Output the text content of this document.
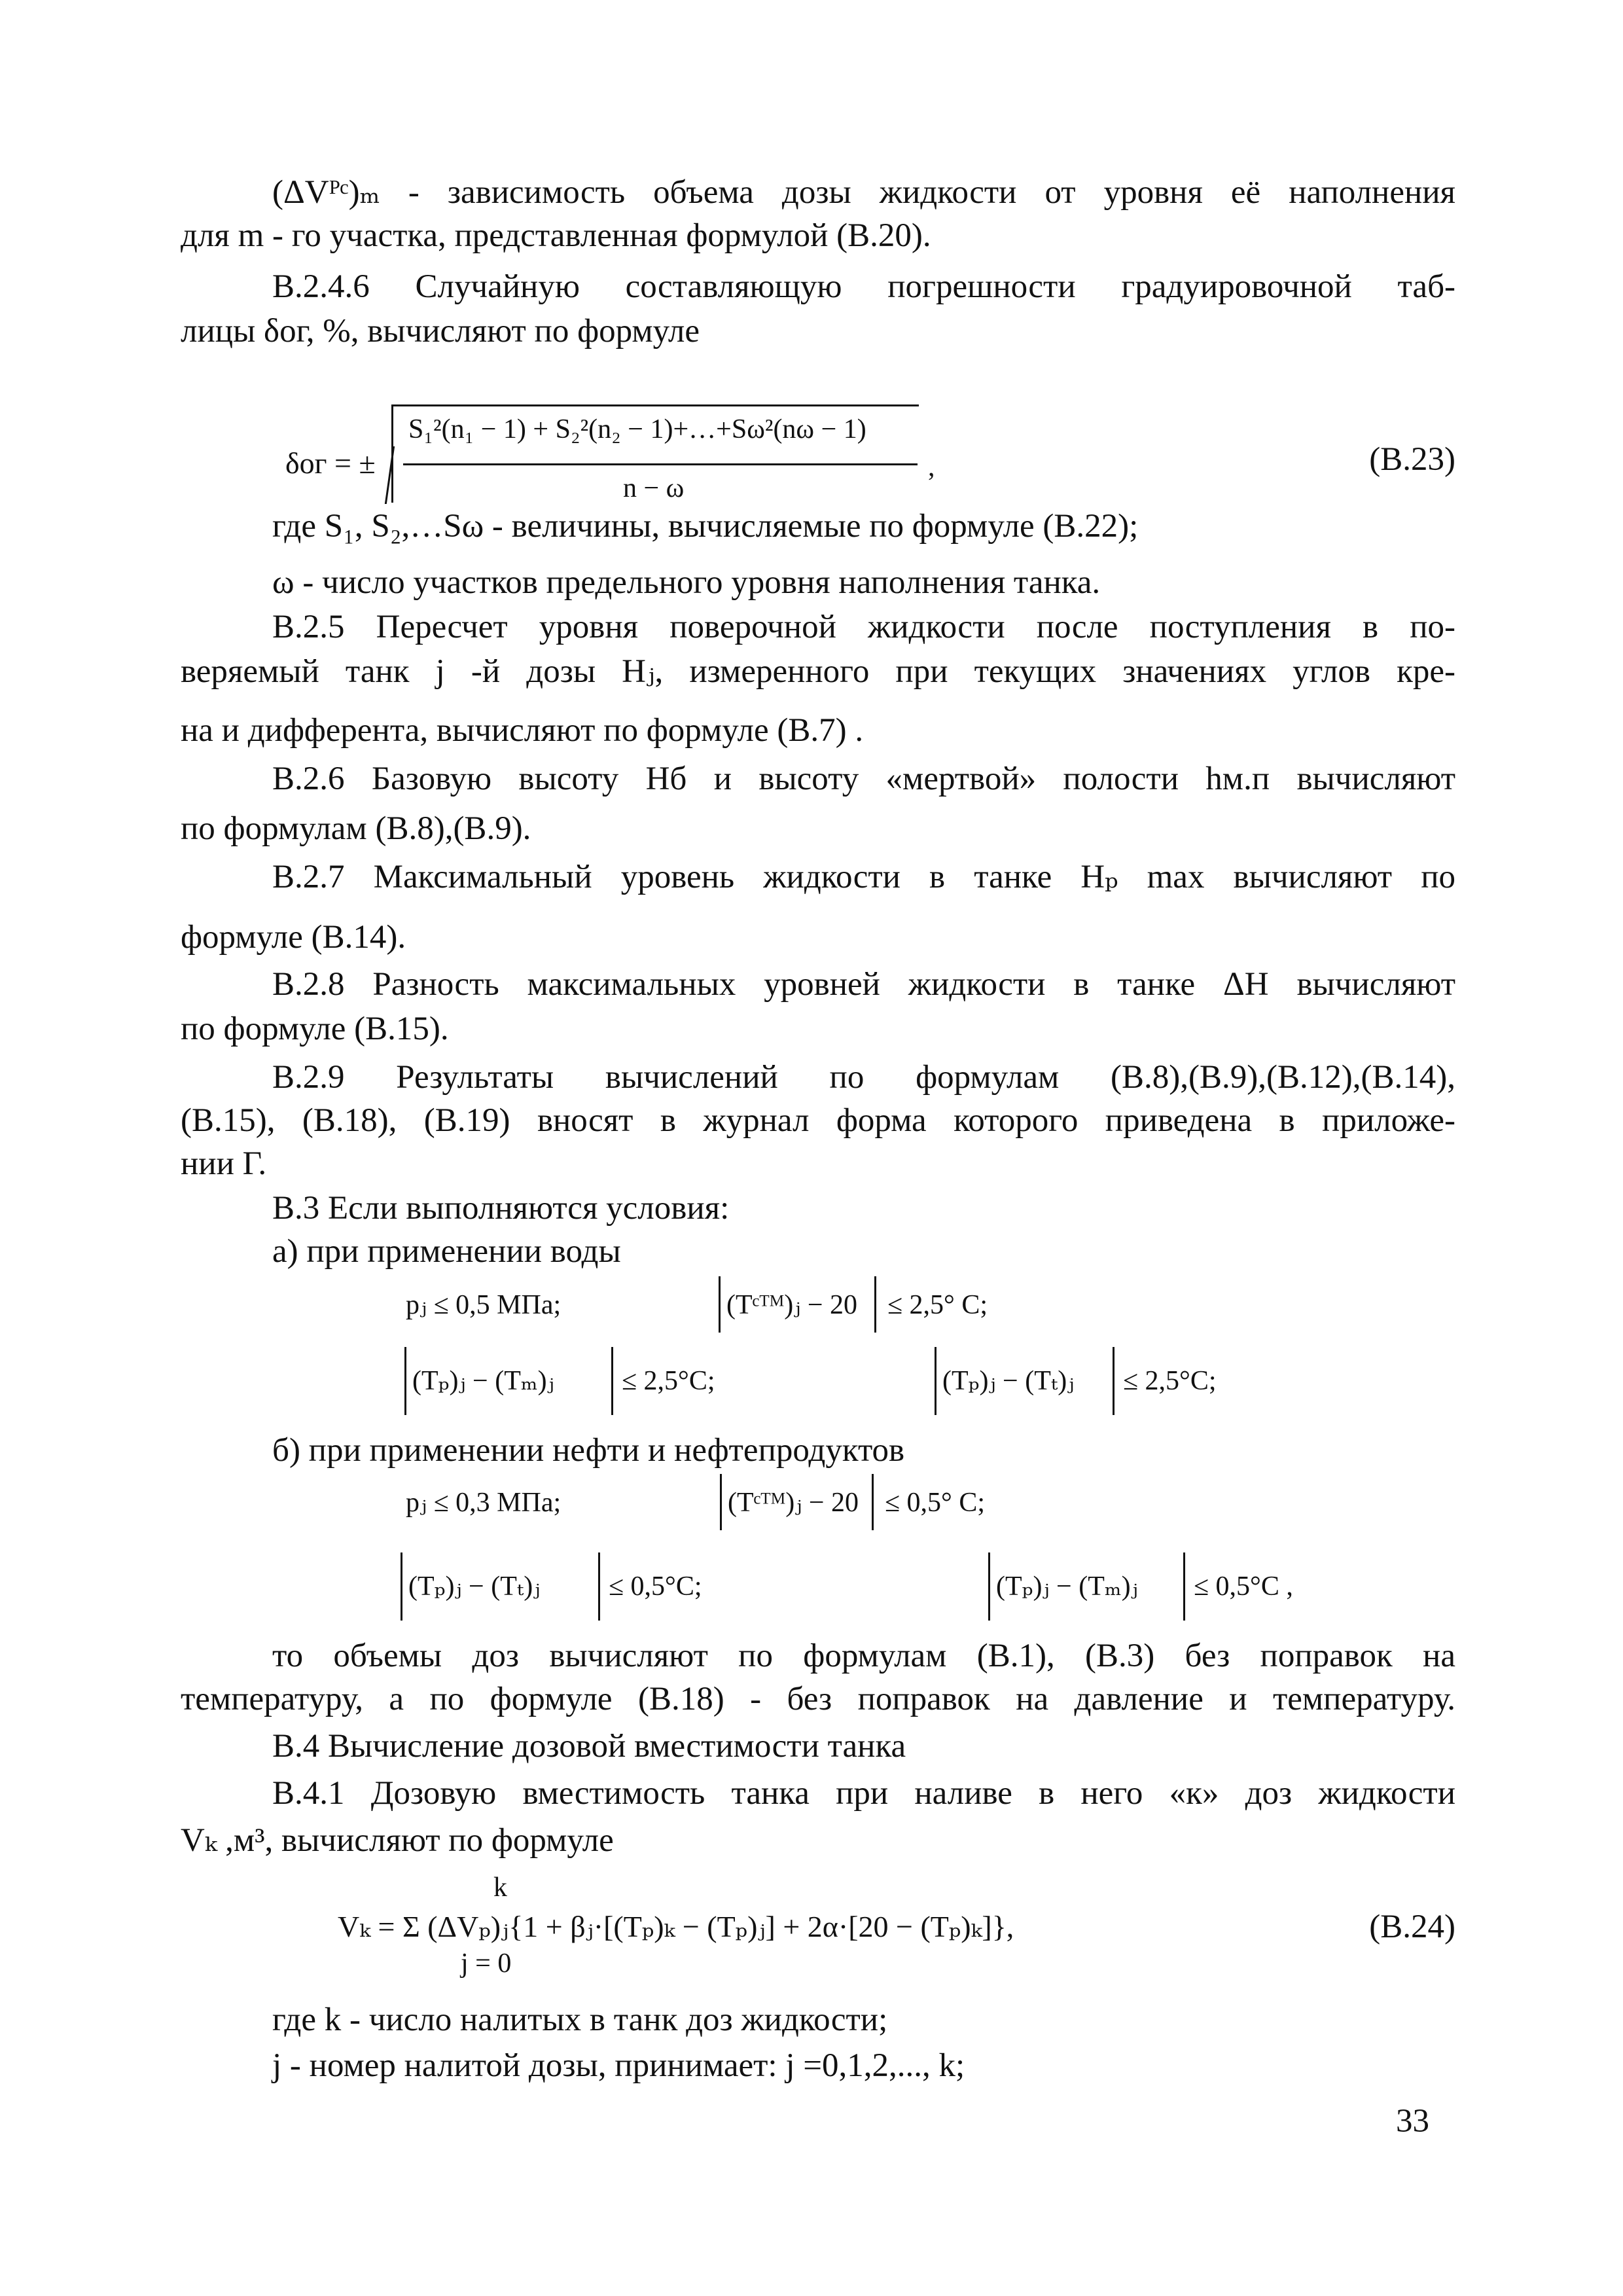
(ΔVᴾᶜ)ₘ - зависимость объема дозы жидкости от уровня её наполнения
для m - го участка, представленная формулой (В.20).
В.2.4.6 Случайную составляющую погрешности градуировочной таб-
лицы δог, %, вычисляют по формуле
δог = ±
S₁²(n₁ − 1) + S₂²(n₂ − 1)+…+Sω²(nω − 1)
n − ω
,	(В.23)
где S₁, S₂,…Sω - величины, вычисляемые по формуле (В.22);
ω - число участков предельного уровня наполнения танка.
В.2.5 Пересчет уровня поверочной жидкости после поступления в по-
веряемый танк j -й дозы Hⱼ, измеренного при текущих значениях углов кре-
на и дифферента, вычисляют по формуле (В.7) .
В.2.6 Базовую высоту Hб и высоту «мертвой» полости hм.п вычисляют
по формулам (В.8),(В.9).
В.2.7 Максимальный уровень жидкости в танке Hₚ max вычисляют по
формуле (В.14).
В.2.8 Разность максимальных уровней жидкости в танке ΔH вычисляют
по формуле (В.15).
В.2.9 Результаты вычислений по формулам (В.8),(В.9),(В.12),(В.14),
(В.15), (В.18), (В.19) вносят в журнал форма которого приведена в приложе-
нии Г.
В.3 Если выполняются условия:
а) при применении воды
pⱼ ≤ 0,5 МПа;	(Tᶜᵀᴹ)ⱼ − 20 ≤ 2,5° C;
(Tₚ)ⱼ − (Tₘ)ⱼ ≤ 2,5°C;	(Tₚ)ⱼ − (Tₜ)ⱼ ≤ 2,5°C;
б) при применении нефти и нефтепродуктов
pⱼ ≤ 0,3 МПа;	(Tᶜᵀᴹ)ⱼ − 20 ≤ 0,5° C;
(Tₚ)ⱼ − (Tₜ)ⱼ ≤ 0,5°C;	(Tₚ)ⱼ − (Tₘ)ⱼ ≤ 0,5°C ,
то объемы доз вычисляют по формулам (В.1), (В.3) без поправок на
температуру, а по формуле (В.18) - без поправок на давление и температуру.
В.4 Вычисление дозовой вместимости танка
В.4.1 Дозовую вместимость танка при наливе в него «к» доз жидкости
Vₖ ,м³, вычисляют по формуле
k
Vₖ = Σ (ΔVₚ)ⱼ{1 + βⱼ·[(Tₚ)ₖ − (Tₚ)ⱼ] + 2α·[20 − (Tₚ)ₖ]},
j = 0
(В.24)
где k - число налитых в танк доз жидкости;
j - номер налитой дозы, принимает: j =0,1,2,..., k;
33
